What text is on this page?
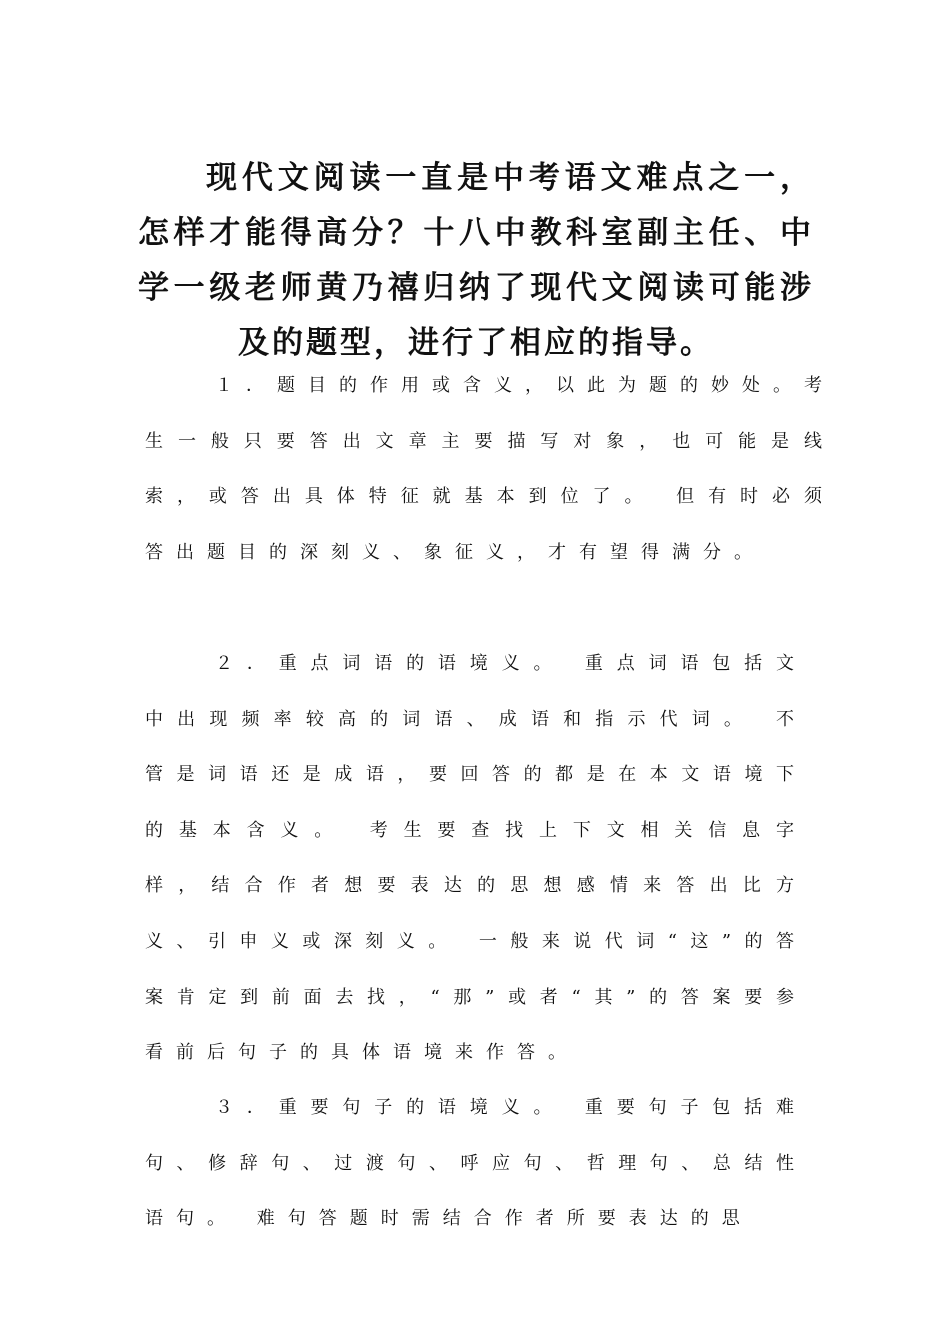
现代文阅读一直是中考语文难点之一，怎样才能得高分？十八中教科室副主任、中学一级老师黄乃禧归纳了现代文阅读可能涉及的题型，进行了相应的指导。

１．题目的作用或含义，以此为题的妙处。考生一般只要答出文章主要描写对象，也可能是线索，或答出具体特征就基本到位了。 但有时必须答出题目的深刻义、象征义，才有望得满分。

２．重点词语的语境义。 重点词语包括文中出现频率较高的词语、成语和指示代词。 不管是词语还是成语，要回答的都是在本文语境下的基本含义。 考生要查找上下文相关信息字样，结合作者想要表达的思想感情来答出比方义、引申义或深刻义。 一般来说代词“这”的答案肯定到前面去找，“那”或者“其”的答案要参看前后句子的具体语境来作答。

３．重要句子的语境义。 重要句子包括难句、修辞句、过渡句、呼应句、哲理句、总结性语句。 难句答题时需结合作者所要表达的思
